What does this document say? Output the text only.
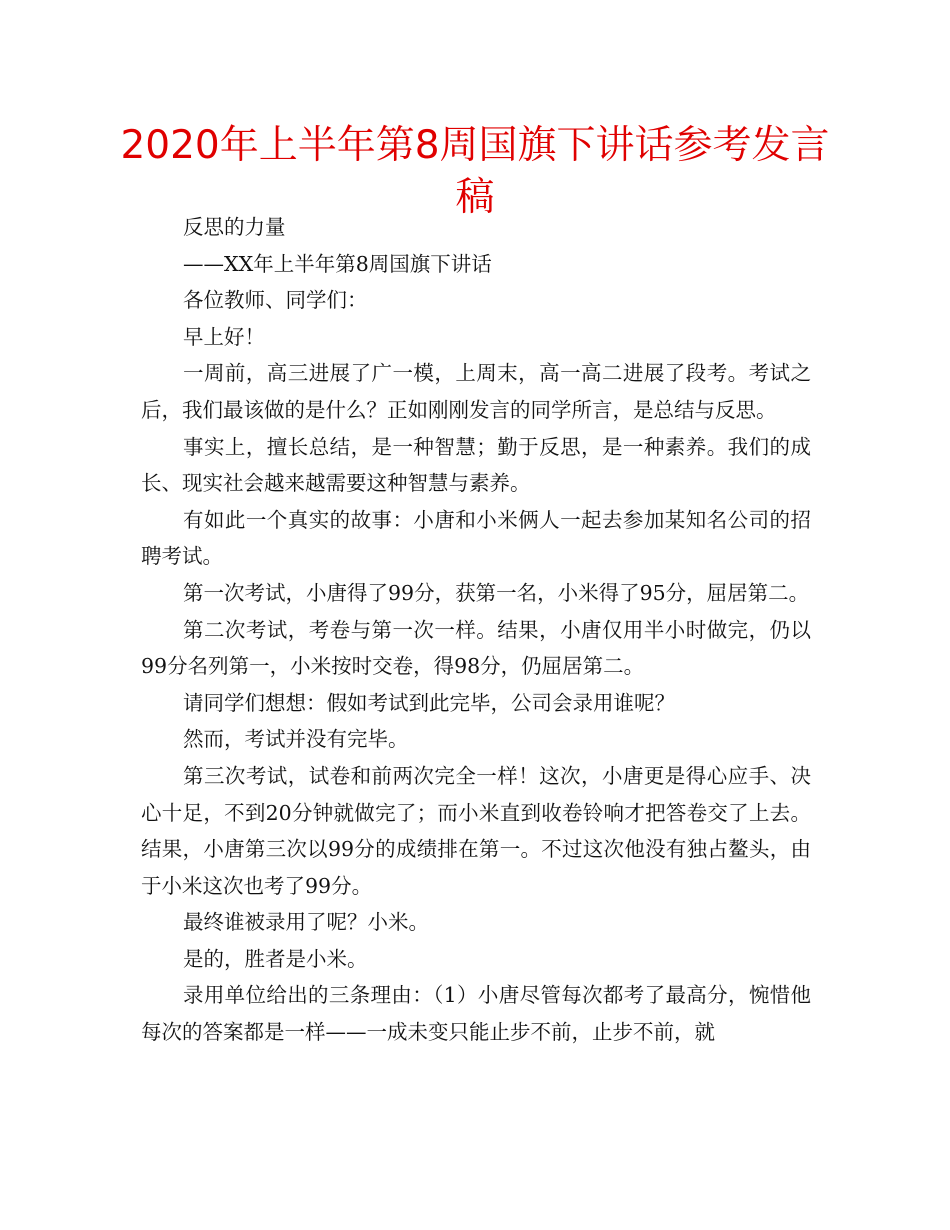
2020年上半年第8周国旗下讲话参考发言稿

反思的力量

——XX年上半年第8周国旗下讲话

各位教师、同学们：

早上好！

一周前，高三进展了广一模，上周末，高一高二进展了段考。考试之后，我们最该做的是什么？正如刚刚发言的同学所言，是总结与反思。

事实上，擅长总结，是一种智慧；勤于反思，是一种素养。我们的成长、现实社会越来越需要这种智慧与素养。

有如此一个真实的故事：小唐和小米俩人一起去参加某知名公司的招聘考试。

第一次考试，小唐得了99分，获第一名，小米得了95分，屈居第二。

第二次考试，考卷与第一次一样。结果，小唐仅用半小时做完，仍以99分名列第一，小米按时交卷，得98分，仍屈居第二。

请同学们想想：假如考试到此完毕，公司会录用谁呢？

然而，考试并没有完毕。

第三次考试，试卷和前两次完全一样！这次，小唐更是得心应手、决心十足，不到20分钟就做完了；而小米直到收卷铃响才把答卷交了上去。结果，小唐第三次以99分的成绩排在第一。不过这次他没有独占鳌头，由于小米这次也考了99分。

最终谁被录用了呢？小米。

是的，胜者是小米。

录用单位给出的三条理由：（1）小唐尽管每次都考了最高分，惋惜他每次的答案都是一样——一成未变只能止步不前，止步不前，就
